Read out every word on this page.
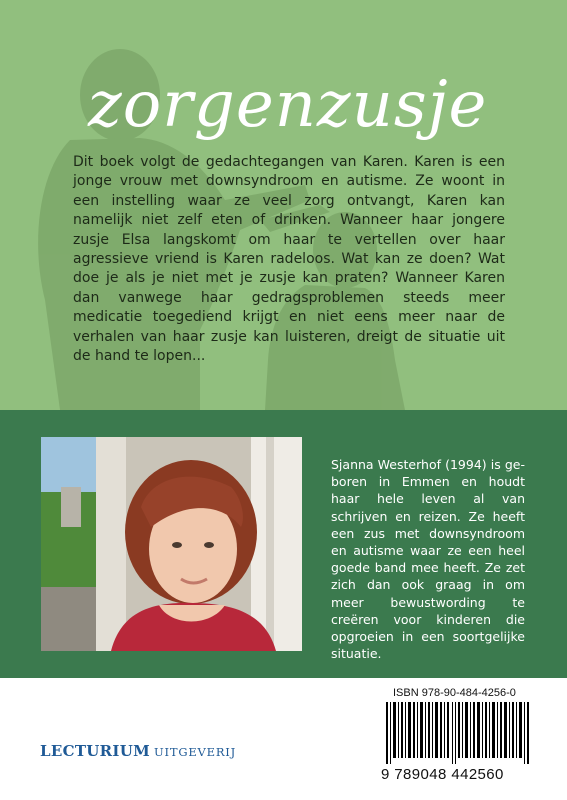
zorgenzusje
Dit boek volgt de gedachtegangen van Karen. Karen is een jonge vrouw met downsyndroom en autisme. Ze woont in een instelling waar ze veel zorg ontvangt, Karen kan namelijk niet zelf eten of drinken. Wanneer haar jongere zusje Elsa langskomt om haar te vertellen over haar agressieve vriend is Karen radeloos. Wat kan ze doen? Wat doe je als je niet met je zusje kan praten? Wanneer Karen dan vanwege haar gedragsproblemen steeds meer medicatie toegediend krijgt en niet eens meer naar de verhalen van haar zusje kan luisteren, dreigt de situatie uit de hand te lopen...
Sjanna Westerhof (1994) is geboren in Emmen en houdt haar hele leven al van schrijven en reizen. Ze heeft een zus met downsyndroom en autisme waar ze een heel goede band mee heeft. Ze zet zich dan ook graag in om meer bewustwording te creëren voor kinderen die opgroeien in een soortgelijke situatie.
LECTURIUM UITGEVERIJ
ISBN 978-90-484-4256-0
9 789048 442560
